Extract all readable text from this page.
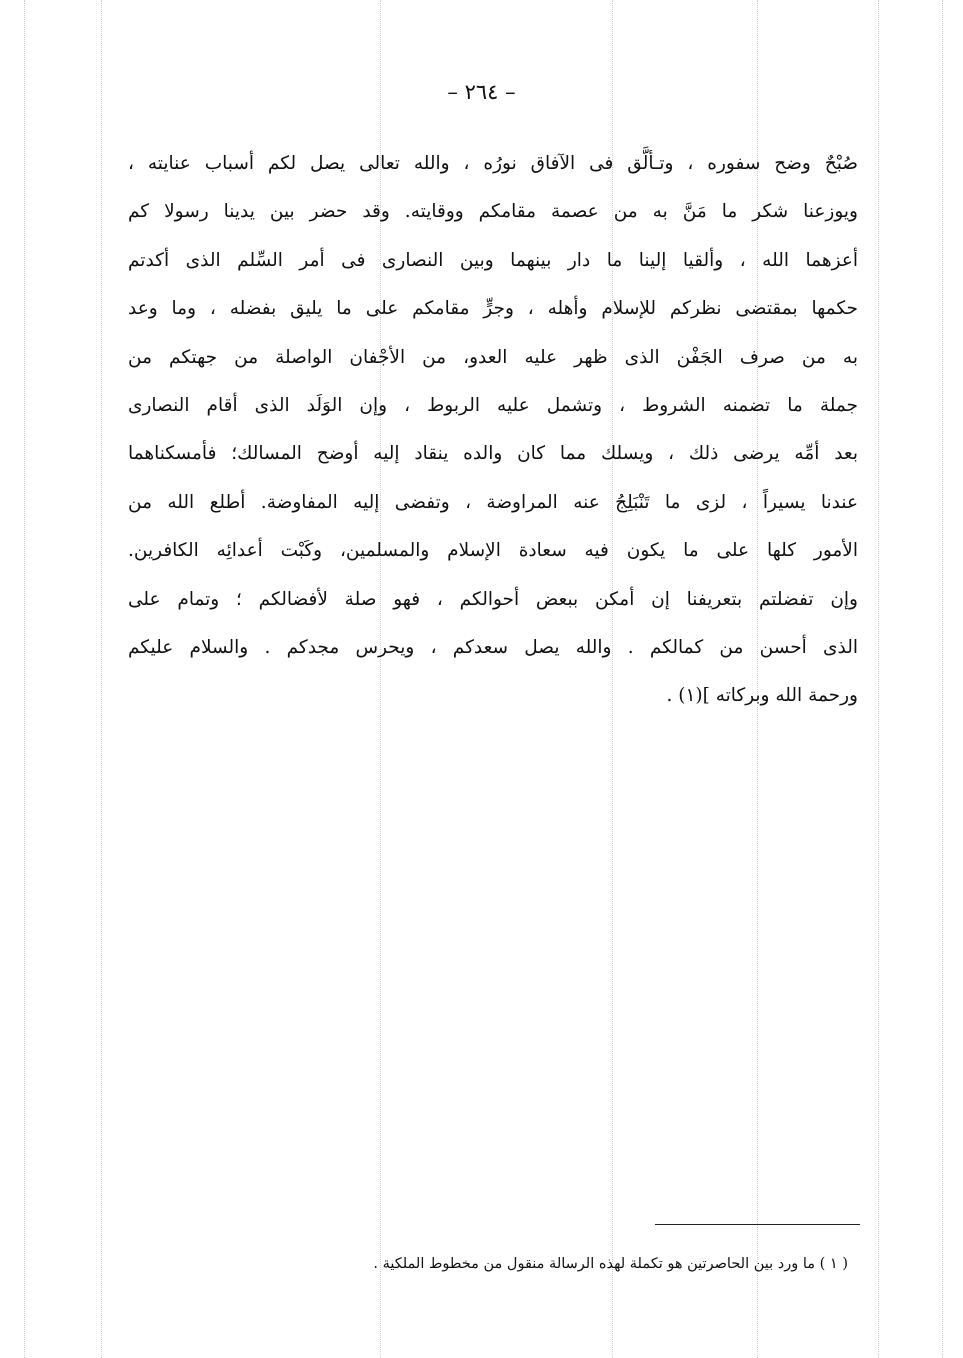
– ٢٦٤ –
صُبْحٌ وضح سفوره ، وتـألَّق فى الآفاق نورُه ، والله تعالى يصل لكم أسباب عنايته ،
ويوزعنا شكر ما مَنَّ به من عصمة مقامكم ووقايته. وقد حضر بين يدينا رسولا كم
أعزهما الله ، وألقيا إلينا ما دار بينهما وبين النصارى فى أمر السِّلم الذى أكدتم
حكمها بمقتضى نظركم للإسلام وأهله ، وجرٍّ مقامكم على ما يليق بفضله ، وما وعد
به من صرف الجَفْن الذى ظهر عليه العدو، من الأجْفان الواصلة من جهتكم من
جملة ما تضمنه الشروط ، وتشمل عليه الربوط ، وإن الوَلَد الذى أقام النصارى
بعد أمِّه يرضى ذلك ، ويسلك مما كان والده ينقاد إليه أوضح المسالك؛ فأمسكناهما
عندنا يسيراً ، لزى ما تَنْبَلِجُ عنه المراوضة ، وتفضى إليه المفاوضة. أطلع الله من
الأمور كلها على ما يكون فيه سعادة الإسلام والمسلمين، وكَبْت أعدائِه الكافرين.
وإن تفضلتم بتعريفنا إن أمكن ببعض أحوالكم ، فهو صلة لأفضالكم ؛ وتمام على
الذى أحسن من كمالكم . والله يصل سعدكم ، ويحرس مجدكم . والسلام عليكم
ورحمة الله وبركاته ](١) .
( ١ ) ما ورد بين الحاصرتين هو تكملة لهذه الرسالة منقول من مخطوط الملكية .
